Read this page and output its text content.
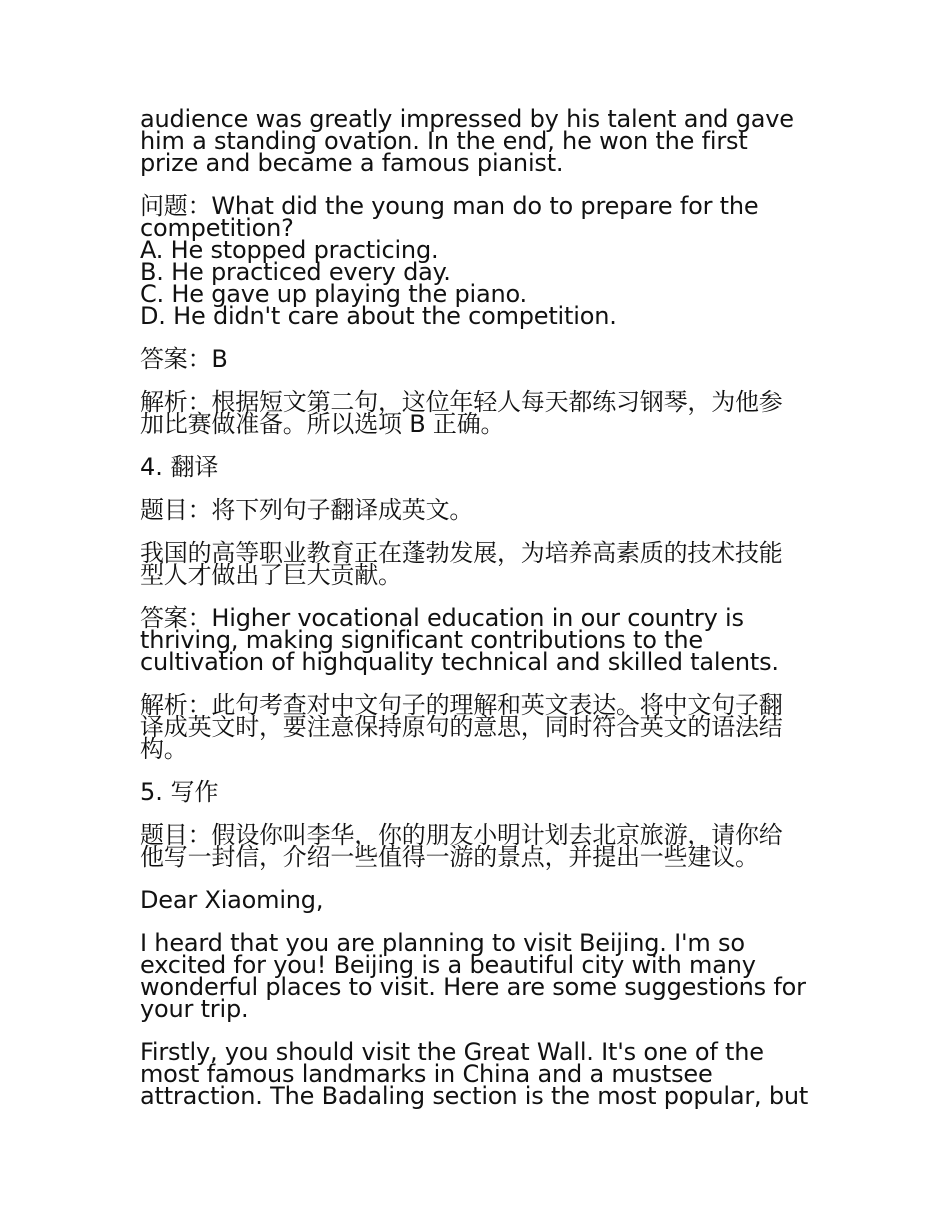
audience was greatly impressed by his talent and gave
him a standing ovation. In the end, he won the first
prize and became a famous pianist.

问题：What did the young man do to prepare for the
competition?
A. He stopped practicing.
B. He practiced every day.
C. He gave up playing the piano.
D. He didn't care about the competition.

答案：B

解析：根据短文第二句，这位年轻人每天都练习钢琴，为他参
加比赛做准备。所以选项 B 正确。

4. 翻译

题目：将下列句子翻译成英文。

我国的高等职业教育正在蓬勃发展，为培养高素质的技术技能
型人才做出了巨大贡献。

答案：Higher vocational education in our country is
thriving, making significant contributions to the
cultivation of highquality technical and skilled talents.

解析：此句考查对中文句子的理解和英文表达。将中文句子翻
译成英文时，要注意保持原句的意思，同时符合英文的语法结
构。

5. 写作

题目：假设你叫李华，你的朋友小明计划去北京旅游，请你给
他写一封信，介绍一些值得一游的景点，并提出一些建议。

Dear Xiaoming,

I heard that you are planning to visit Beijing. I'm so
excited for you! Beijing is a beautiful city with many
wonderful places to visit. Here are some suggestions for
your trip.

Firstly, you should visit the Great Wall. It's one of the
most famous landmarks in China and a mustsee
attraction. The Badaling section is the most popular, but
